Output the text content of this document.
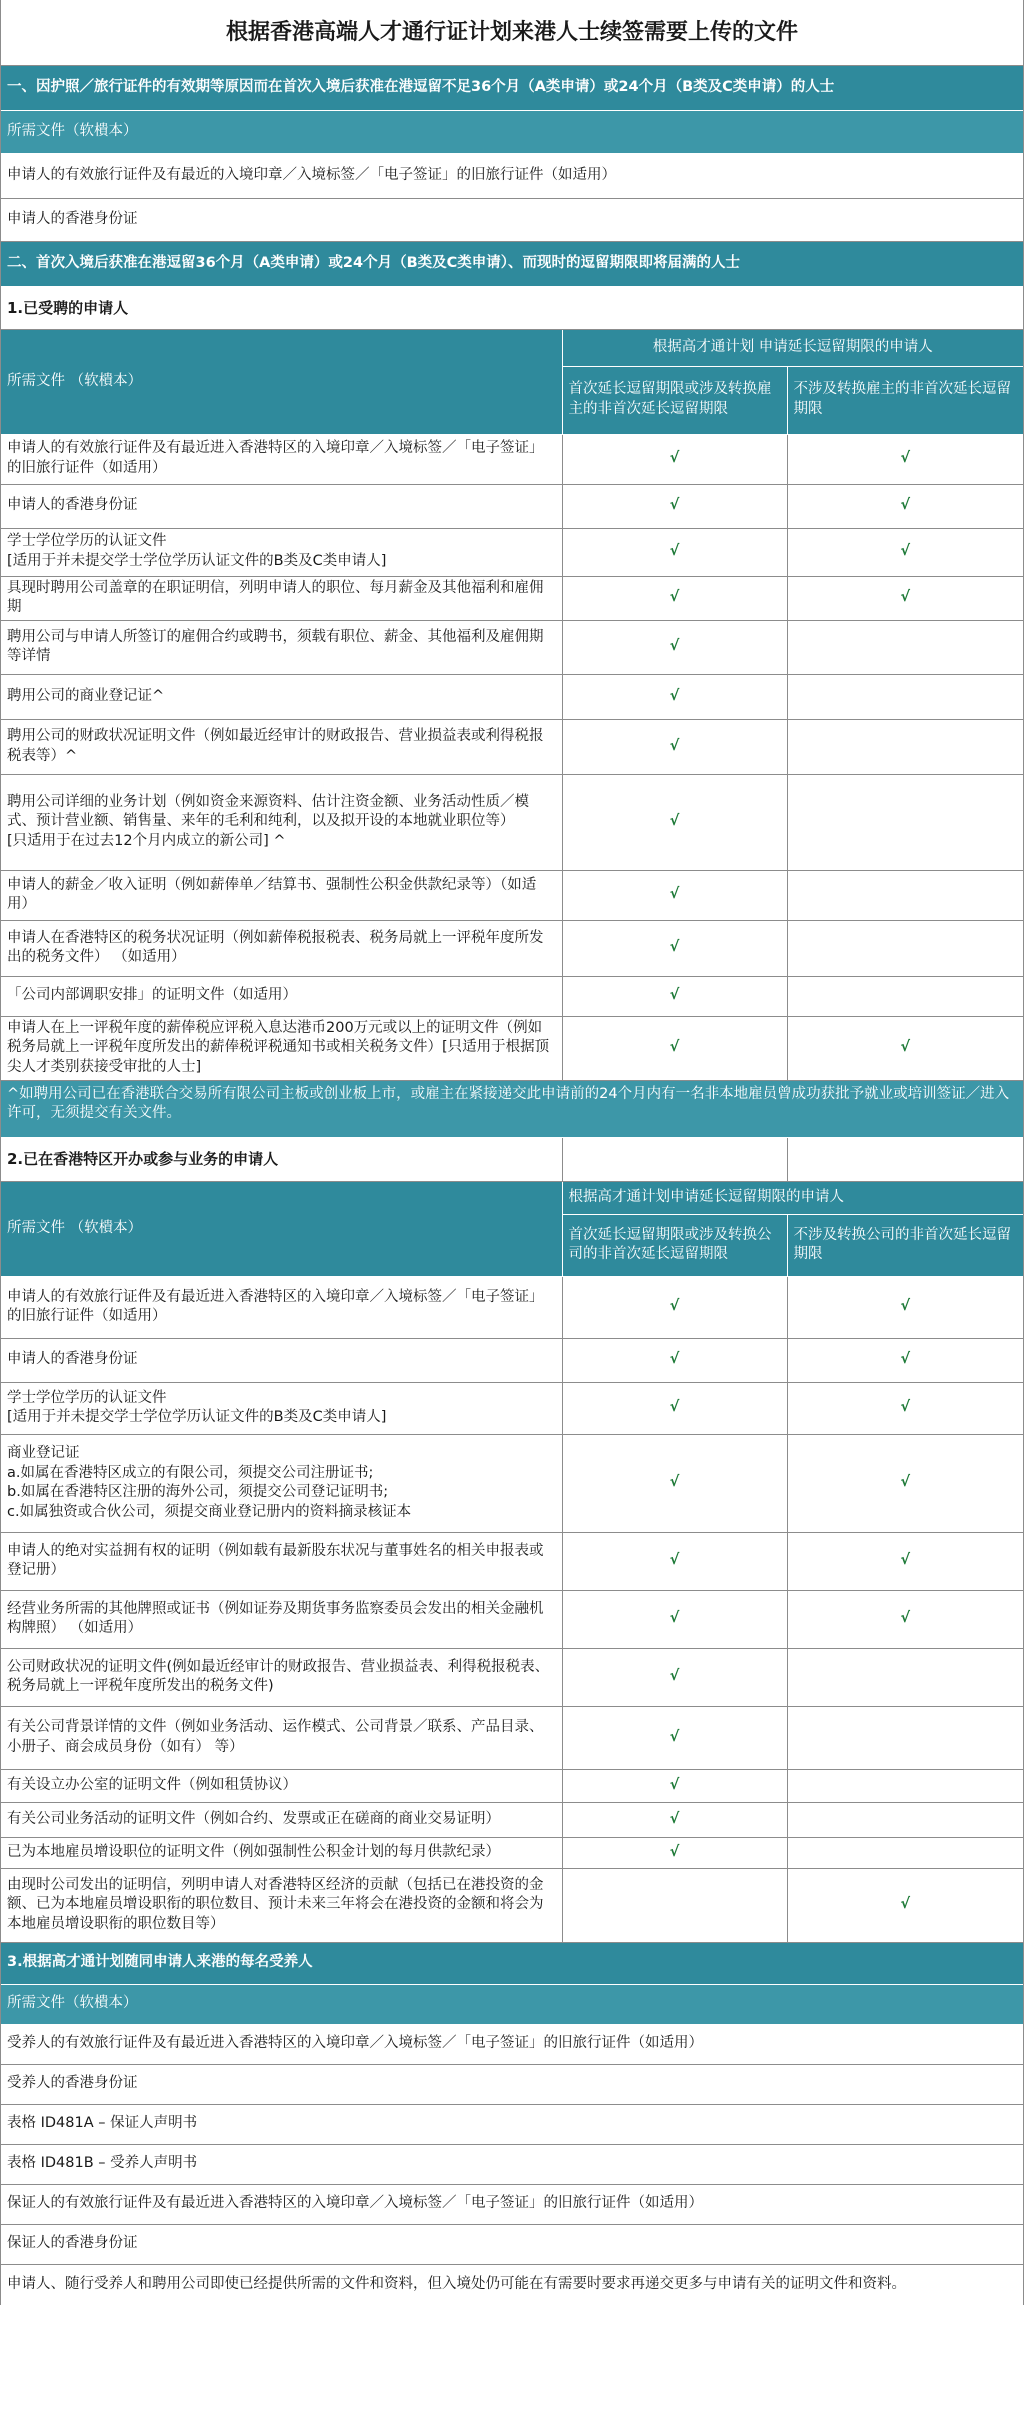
根据香港高端人才通行证计划来港人士续签需要上传的文件
一、因护照／旅行证件的有效期等原因而在首次入境后获准在港逗留不足36个月（A类申请）或24个月（B类及C类申请）的人士
所需文件（软樻本）
申请人的有效旅行证件及有最近的入境印章／入境标签／「电子签证」的旧旅行证件（如适用）
申请人的香港身份证
二、首次入境后获准在港逗留36个月（A类申请）或24个月（B类及C类申请）、而现时的逗留期限即将届满的人士
1.已受聘的申请人
所需文件 （软樻本）	根据高才通计划 申请延长逗留期限的申请人	
	首次延长逗留期限或涉及转换雇主的非首次延长逗留期限	不涉及转换雇主的非首次延长逗留期限
申请人的有效旅行证件及有最近进入香港特区的入境印章／入境标签／「电子签证」的旧旅行证件（如适用）	√	√
申请人的香港身份证	√	√
学士学位学历的认证文件
[适用于并未提交学士学位学历认证文件的B类及C类申请人]	√	√
具现时聘用公司盖章的在职证明信，列明申请人的职位、每月薪金及其他福利和雇佣期	√	√
聘用公司与申请人所签订的雇佣合约或聘书，须载有职位、薪金、其他福利及雇佣期等详情	√	
聘用公司的商业登记证^	√	
聘用公司的财政状况证明文件（例如最近经审计的财政报告、营业损益表或利得税报税表等）^	√	
聘用公司详细的业务计划（例如资金来源资料、估计注资金额、业务活动性质／模式、预计营业额、销售量、来年的毛利和纯利，以及拟开设的本地就业职位等）
[只适用于在过去12个月内成立的新公司] ^	√	
申请人的薪金／收入证明（例如薪俸单／结算书、强制性公积金供款纪录等）（如适用）	√	
申请人在香港特区的税务状况证明（例如薪俸税报税表、税务局就上一评税年度所发出的税务文件） （如适用）	√	
「公司内部调职安排」的证明文件（如适用）	√	
申请人在上一评税年度的薪俸税应评税入息达港币200万元或以上的证明文件（例如税务局就上一评税年度所发出的薪俸税评税通知书或相关税务文件）[只适用于根据顶尖人才类别获接受审批的人士]	√	√
^如聘用公司已在香港联合交易所有限公司主板或创业板上市，或雇主在紧接递交此申请前的24个月内有一名非本地雇员曾成功获批予就业或培训签证／进入许可，无须提交有关文件。
2.已在香港特区开办或参与业务的申请人		
所需文件 （软樻本）	根据高才通计划申请延长逗留期限的申请人	
	首次延长逗留期限或涉及转换公司的非首次延长逗留期限	不涉及转换公司的非首次延长逗留期限
申请人的有效旅行证件及有最近进入香港特区的入境印章／入境标签／「电子签证」的旧旅行证件（如适用）	√	√
申请人的香港身份证	√	√
学士学位学历的认证文件
[适用于并未提交学士学位学历认证文件的B类及C类申请人]	√	√
商业登记证
a.如属在香港特区成立的有限公司，须提交公司注册证书;
b.如属在香港特区注册的海外公司，须提交公司登记证明书;
c.如属独资或合伙公司，须提交商业登记册内的资料摘录核证本	√	√
申请人的绝对实益拥有权的证明（例如载有最新股东状况与董事姓名的相关申报表或登记册）	√	√
经营业务所需的其他牌照或证书（例如证券及期货事务监察委员会发出的相关金融机构牌照） （如适用）	√	√
公司财政状况的证明文件(例如最近经审计的财政报告、营业损益表、利得税报税表、税务局就上一评税年度所发出的税务文件)	√	
有关公司背景详情的文件（例如业务活动、运作模式、公司背景／联系、产品目录、小册子、商会成员身份（如有） 等）	√	
有关设立办公室的证明文件（例如租赁协议）	√	
有关公司业务活动的证明文件（例如合约、发票或正在磋商的商业交易证明）	√	
已为本地雇员增设职位的证明文件（例如强制性公积金计划的每月供款纪录）	√	
由现时公司发出的证明信，列明申请人对香港特区经济的贡献（包括已在港投资的金额、已为本地雇员增设职衔的职位数目、预计未来三年将会在港投资的金额和将会为本地雇员增设职衔的职位数目等）		√
3.根据高才通计划随同申请人来港的每名受养人
所需文件（软樻本）
受养人的有效旅行证件及有最近进入香港特区的入境印章／入境标签／「电子签证」的旧旅行证件（如适用）
受养人的香港身份证
表格 ID481A – 保证人声明书
表格 ID481B – 受养人声明书
保证人的有效旅行证件及有最近进入香港特区的入境印章／入境标签／「电子签证」的旧旅行证件（如适用）
保证人的香港身份证
申请人、随行受养人和聘用公司即使已经提供所需的文件和资料，但入境处仍可能在有需要时要求再递交更多与申请有关的证明文件和资料。
